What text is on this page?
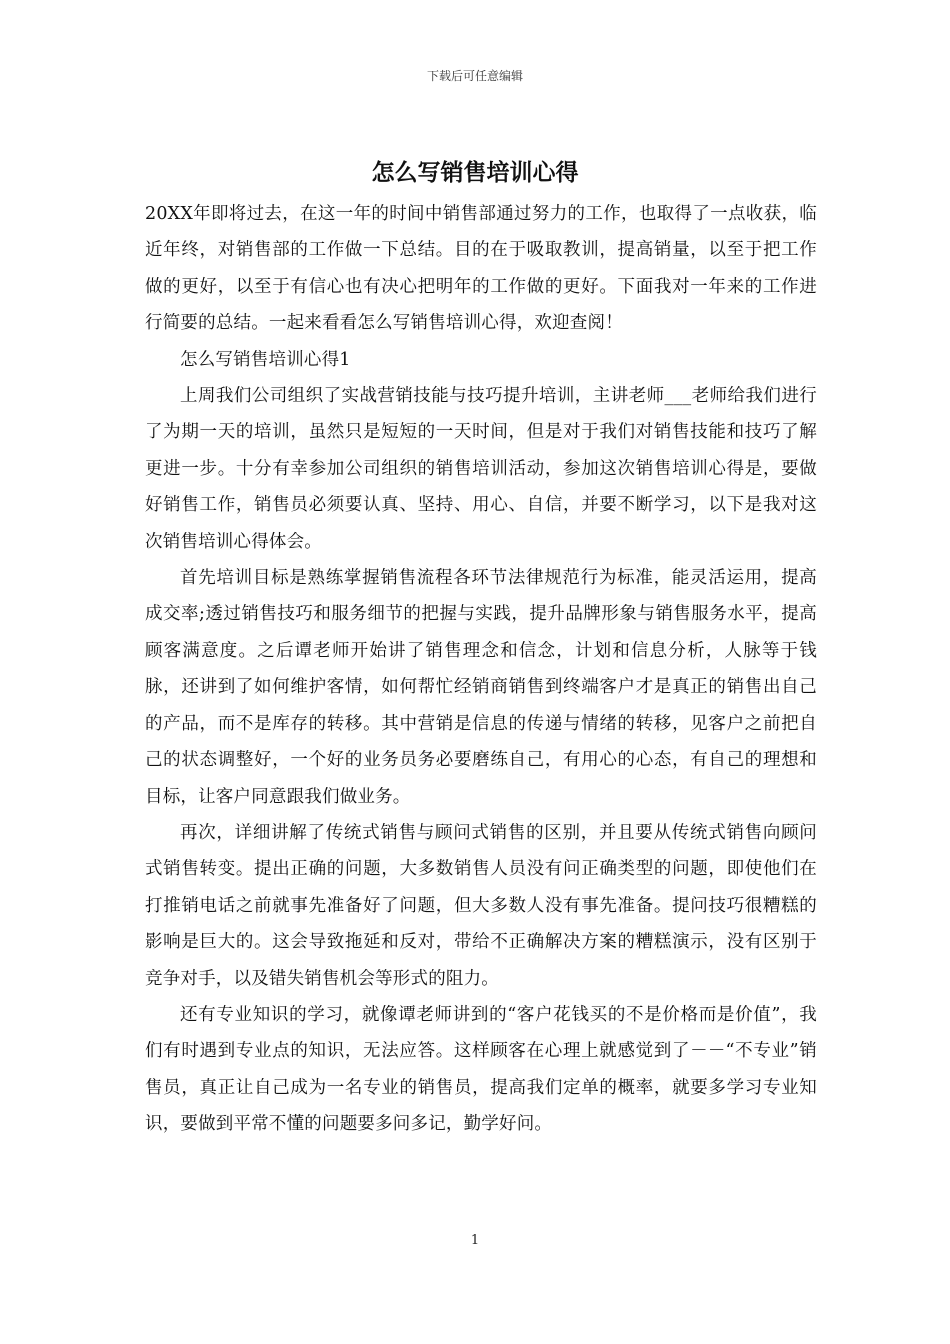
下载后可任意编辑
怎么写销售培训心得

20XX年即将过去，在这一年的时间中销售部通过努力的工作，也取得了一点收获，临近年终，对销售部的工作做一下总结。目的在于吸取教训，提高销量，以至于把工作做的更好，以至于有信心也有决心把明年的工作做的更好。下面我对一年来的工作进行简要的总结。一起来看看怎么写销售培训心得，欢迎查阅！

怎么写销售培训心得1

上周我们公司组织了实战营销技能与技巧提升培训，主讲老师___老师给我们进行了为期一天的培训，虽然只是短短的一天时间，但是对于我们对销售技能和技巧了解更进一步。十分有幸参加公司组织的销售培训活动，参加这次销售培训心得是，要做好销售工作，销售员必须要认真、坚持、用心、自信，并要不断学习，以下是我对这次销售培训心得体会。

首先培训目标是熟练掌握销售流程各环节法律规范行为标准，能灵活运用，提高成交率;透过销售技巧和服务细节的把握与实践，提升品牌形象与销售服务水平，提高顾客满意度。之后谭老师开始讲了销售理念和信念，计划和信息分析，人脉等于钱脉，还讲到了如何维护客情，如何帮忙经销商销售到终端客户才是真正的销售出自己的产品，而不是库存的转移。其中营销是信息的传递与情绪的转移，见客户之前把自己的状态调整好，一个好的业务员务必要磨练自己，有用心的心态，有自己的理想和目标，让客户同意跟我们做业务。

再次，详细讲解了传统式销售与顾问式销售的区别，并且要从传统式销售向顾问式销售转变。提出正确的问题，大多数销售人员没有问正确类型的问题，即使他们在打推销电话之前就事先准备好了问题，但大多数人没有事先准备。提问技巧很糟糕的影响是巨大的。这会导致拖延和反对，带给不正确解决方案的糟糕演示，没有区别于竞争对手，以及错失销售机会等形式的阻力。

还有专业知识的学习，就像谭老师讲到的“客户花钱买的不是价格而是价值”，我们有时遇到专业点的知识，无法应答。这样顾客在心理上就感觉到了－－“不专业”销售员，真正让自己成为一名专业的销售员，提高我们定单的概率，就要多学习专业知识，要做到平常不懂的问题要多问多记，勤学好问。

1
